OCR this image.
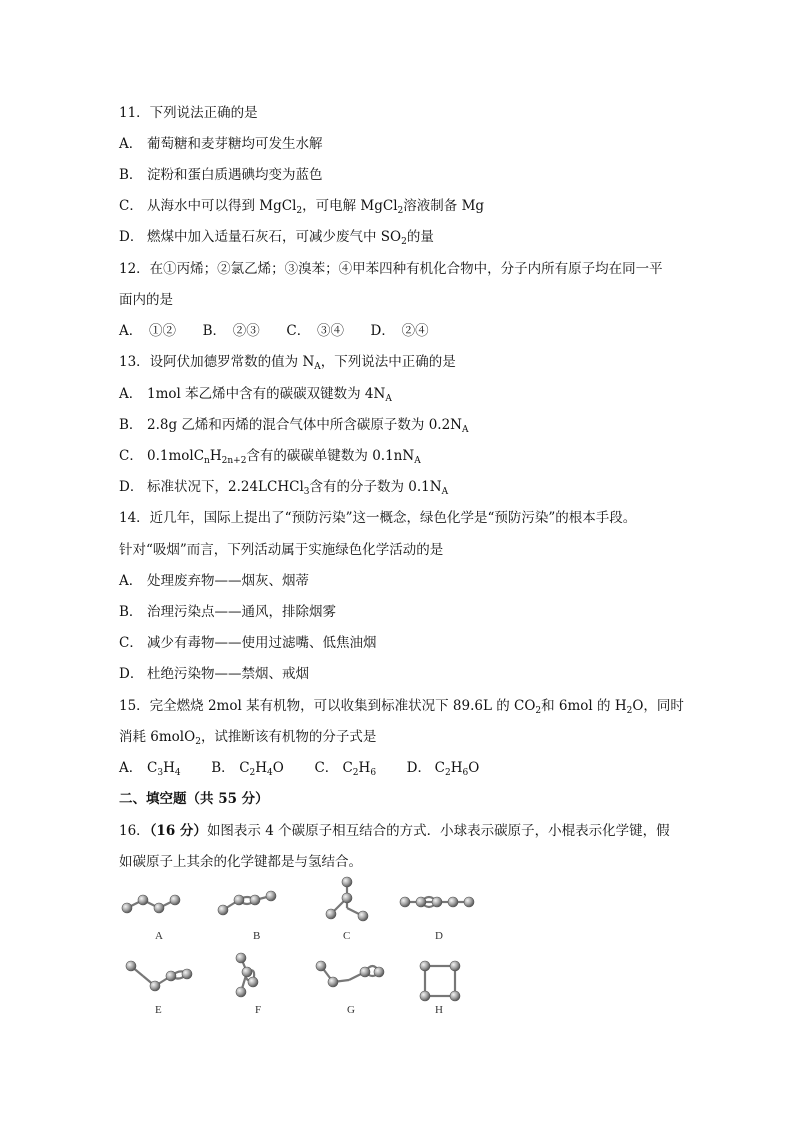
11．下列说法正确的是
A． 葡萄糖和麦芽糖均可发生水解
B． 淀粉和蛋白质遇碘均变为蓝色
C． 从海水中可以得到 MgCl$_2$，可电解 MgCl$_2$溶液制备 Mg
D． 燃煤中加入适量石灰石，可减少废气中 $SO_2$的量
12．在①丙烯；②氯乙烯；③溴苯；④甲苯四种有机化合物中，分子内所有原子均在同一平
面内的是
A．　①② B．　②③ C．　③④ D．　②④
13．设阿伏加德罗常数的值为 $N_A$，下列说法中正确的是
A． 1mol 苯乙烯中含有的碳碳双键数为 $4N_A$
B． 2.8g 乙烯和丙烯的混合气体中所含碳原子数为 $0.2N_A$
C． $0.1molC_nH_{2n+2}$含有的碳碳单键数为 $0.1nN_A$
D． 标准状况下，2.24LCHCl$_3$含有的分子数为 $0.1N_A$
14．近几年，国际上提出了“预防污染”这一概念，绿色化学是“预防污染”的根本手段。
针对“吸烟”而言，下列活动属于实施绿色化学活动的是
A． 处理废弃物——烟灰、烟蒂
B． 治理污染点——通风，排除烟雾
C． 减少有毒物——使用过滤嘴、低焦油烟
D． 杜绝污染物——禁烟、戒烟
15．完全燃烧 2mol 某有机物，可以收集到标准状况下 89.6L 的 $CO_2$和 6mol 的 $H_2O$，同时
消耗 6molO$_2$，试推断该有机物的分子式是
A． $C_3H_4$ B． $C_2H_4O$ C． $C_2H_6$ D． $C_2H_6O$
二、填空题（共 55 分）
16．（16 分）如图表示 4 个碳原子相互结合的方式．小球表示碳原子，小棍表示化学键，假
如碳原子上其余的化学键都是与氢结合。
A	B	C	D
E	F	G	H
